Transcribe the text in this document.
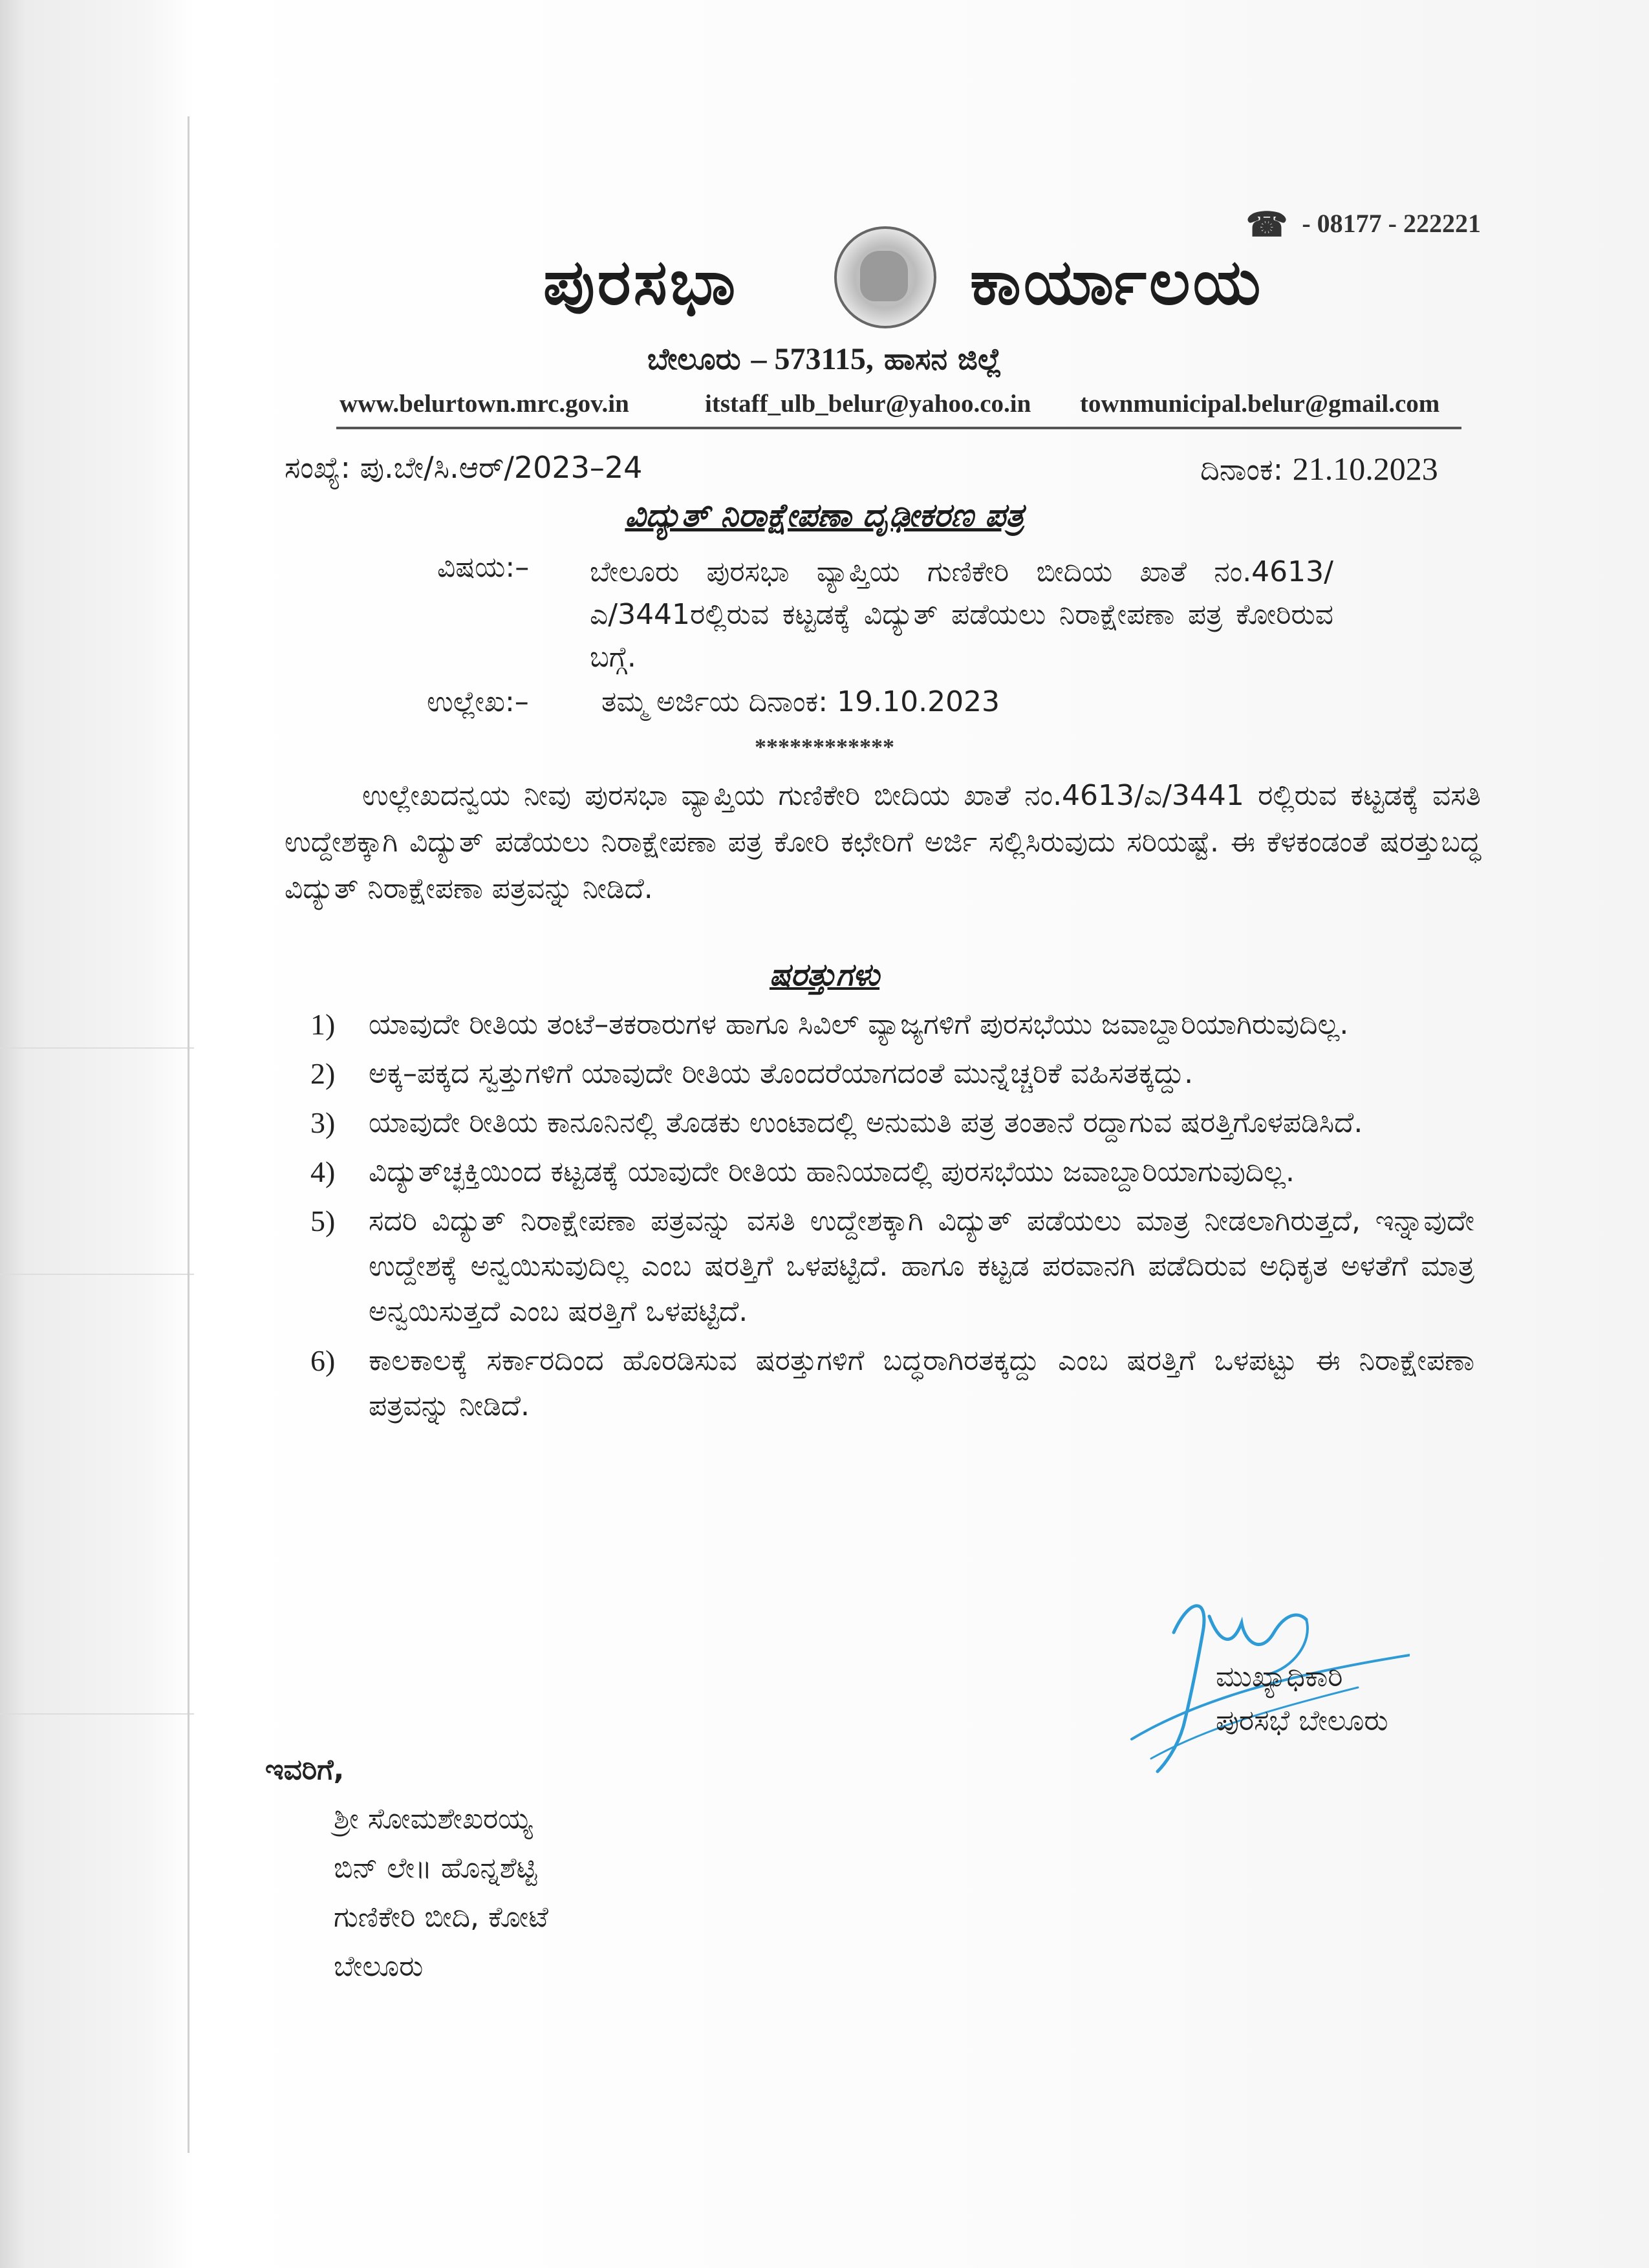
☎ - 08177 - 222221
ಪುರಸಭಾ	ಕಾರ್ಯಾಲಯ
ಬೇಲೂರು – 573115, ಹಾಸನ ಜಿಲ್ಲೆ
www.belurtown.mrc.gov.in	itstaff_ulb_belur@yahoo.co.in townmunicipal.belur@gmail.com
ಸಂಖ್ಯೆ: ಪು.ಬೇ/ಸಿ.ಆರ್/2023–24	ದಿನಾಂಕ: 21.10.2023
ವಿದ್ಯುತ್ ನಿರಾಕ್ಷೇಪಣಾ ದೃಢೀಕರಣ ಪತ್ರ
ವಿಷಯ:– ಬೇಲೂರು ಪುರಸಭಾ ವ್ಯಾಪ್ತಿಯ ಗುಣಿಕೇರಿ ಬೀದಿಯ ಖಾತೆ ನಂ.4613/ಎ/3441ರಲ್ಲಿರುವ ಕಟ್ಟಡಕ್ಕೆ ವಿದ್ಯುತ್ ಪಡೆಯಲು ನಿರಾಕ್ಷೇಪಣಾ ಪತ್ರ ಕೋರಿರುವ ಬಗ್ಗೆ.
ಉಲ್ಲೇಖ:–	ತಮ್ಮ ಅರ್ಜಿಯ ದಿನಾಂಕ: 19.10.2023
************
ಉಲ್ಲೇಖದನ್ವಯ ನೀವು ಪುರಸಭಾ ವ್ಯಾಪ್ತಿಯ ಗುಣಿಕೇರಿ ಬೀದಿಯ ಖಾತೆ ನಂ.4613/ಎ/3441 ರಲ್ಲಿರುವ ಕಟ್ಟಡಕ್ಕೆ ವಸತಿ ಉದ್ದೇಶಕ್ಕಾಗಿ ವಿದ್ಯುತ್ ಪಡೆಯಲು ನಿರಾಕ್ಷೇಪಣಾ ಪತ್ರ ಕೋರಿ ಕಛೇರಿಗೆ ಅರ್ಜಿ ಸಲ್ಲಿಸಿರುವುದು ಸರಿಯಷ್ಟೆ. ಈ ಕೆಳಕಂಡಂತೆ ಷರತ್ತುಬದ್ಧ ವಿದ್ಯುತ್ ನಿರಾಕ್ಷೇಪಣಾ ಪತ್ರವನ್ನು ನೀಡಿದೆ.
ಷರತ್ತುಗಳು
1) ಯಾವುದೇ ರೀತಿಯ ತಂಟೆ–ತಕರಾರುಗಳ ಹಾಗೂ ಸಿವಿಲ್ ವ್ಯಾಜ್ಯಗಳಿಗೆ ಪುರಸಭೆಯು ಜವಾಬ್ದಾರಿಯಾಗಿರುವುದಿಲ್ಲ.
2) ಅಕ್ಕ–ಪಕ್ಕದ ಸ್ವತ್ತುಗಳಿಗೆ ಯಾವುದೇ ರೀತಿಯ ತೊಂದರೆಯಾಗದಂತೆ ಮುನ್ನೆಚ್ಚರಿಕೆ ವಹಿಸತಕ್ಕದ್ದು.
3) ಯಾವುದೇ ರೀತಿಯ ಕಾನೂನಿನಲ್ಲಿ ತೊಡಕು ಉಂಟಾದಲ್ಲಿ ಅನುಮತಿ ಪತ್ರ ತಂತಾನೆ ರದ್ದಾಗುವ ಷರತ್ತಿಗೊಳಪಡಿಸಿದೆ.
4) ವಿದ್ಯುತ್‌ಚ್ಛಕ್ತಿಯಿಂದ ಕಟ್ಟಡಕ್ಕೆ ಯಾವುದೇ ರೀತಿಯ ಹಾನಿಯಾದಲ್ಲಿ ಪುರಸಭೆಯು ಜವಾಬ್ದಾರಿಯಾಗುವುದಿಲ್ಲ.
5) ಸದರಿ ವಿದ್ಯುತ್ ನಿರಾಕ್ಷೇಪಣಾ ಪತ್ರವನ್ನು ವಸತಿ ಉದ್ದೇಶಕ್ಕಾಗಿ ವಿದ್ಯುತ್ ಪಡೆಯಲು ಮಾತ್ರ ನೀಡಲಾಗಿರುತ್ತದೆ, ಇನ್ನಾವುದೇ ಉದ್ದೇಶಕ್ಕೆ ಅನ್ವಯಿಸುವುದಿಲ್ಲ ಎಂಬ ಷರತ್ತಿಗೆ ಒಳಪಟ್ಟಿದೆ. ಹಾಗೂ ಕಟ್ಟಡ ಪರವಾನಗಿ ಪಡೆದಿರುವ ಅಧಿಕೃತ ಅಳತೆಗೆ ಮಾತ್ರ ಅನ್ವಯಿಸುತ್ತದೆ ಎಂಬ ಷರತ್ತಿಗೆ ಒಳಪಟ್ಟಿದೆ.
6) ಕಾಲಕಾಲಕ್ಕೆ ಸರ್ಕಾರದಿಂದ ಹೊರಡಿಸುವ ಷರತ್ತುಗಳಿಗೆ ಬದ್ಧರಾಗಿರತಕ್ಕದ್ದು ಎಂಬ ಷರತ್ತಿಗೆ ಒಳಪಟ್ಟು ಈ ನಿರಾಕ್ಷೇಪಣಾ ಪತ್ರವನ್ನು ನೀಡಿದೆ.
ಮುಖ್ಯಾಧಿಕಾರಿ
ಪುರಸಭೆ ಬೇಲೂರು
ಇವರಿಗೆ,
ಶ್ರೀ ಸೋಮಶೇಖರಯ್ಯ
ಬಿನ್ ಲೇ॥ ಹೊನ್ನಶೆಟ್ಟಿ
ಗುಣಿಕೇರಿ ಬೀದಿ, ಕೋಟೆ
ಬೇಲೂರು
